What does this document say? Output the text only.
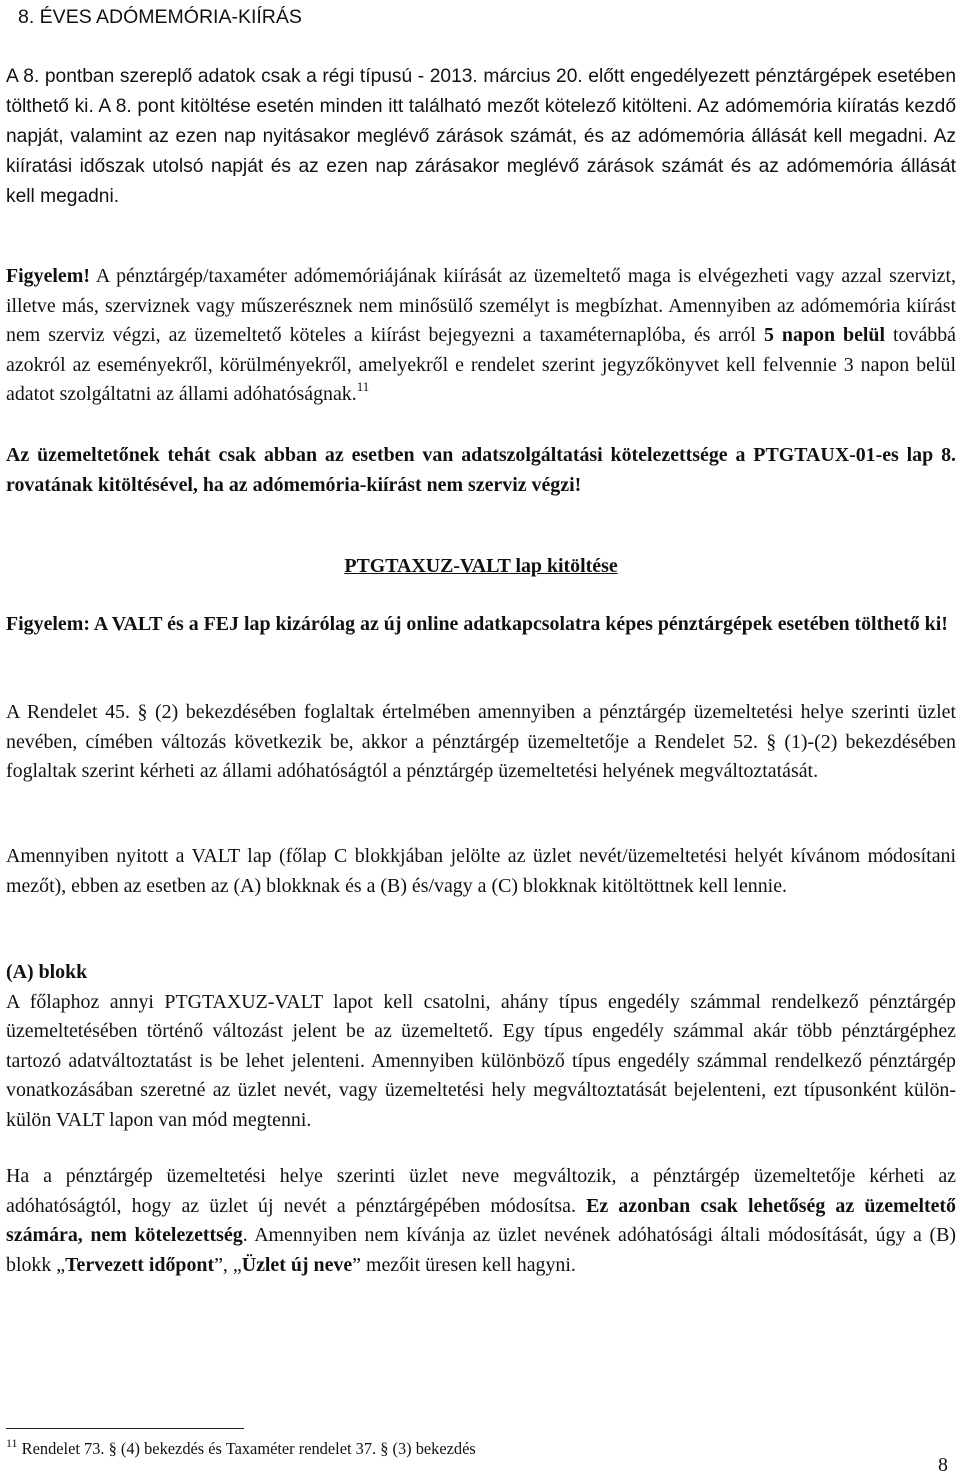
8. ÉVES ADÓMEMÓRIA-KIÍRÁS

A 8. pontban szereplő adatok csak a régi típusú - 2013. március 20. előtt engedélyezett pénztárgépek esetében tölthető ki. A 8. pont kitöltése esetén minden itt található mezőt kötelező kitölteni. Az adómemória kiíratás kezdő napját, valamint az ezen nap nyitásakor meglévő zárások számát, és az adómemória állását kell megadni. Az kiíratási időszak utolsó napját és az ezen nap zárásakor meglévő zárások számát és az adómemória állását kell megadni.

Figyelem! A pénztárgép/taxaméter adómemóriájának kiírását az üzemeltető maga is elvégezheti vagy azzal szervizt, illetve más, szerviznek vagy műszerésznek nem minősülő személyt is megbízhat. Amennyiben az adómemória kiírást nem szerviz végzi, az üzemeltető köteles a kiírást bejegyezni a taxaméternaplóba, és arról 5 napon belül továbbá azokról az eseményekről, körülményekről, amelyekről e rendelet szerint jegyzőkönyvet kell felvennie 3 napon belül adatot szolgáltatni az állami adóhatóságnak.$^{11}$

Az üzemeltetőnek tehát csak abban az esetben van adatszolgáltatási kötelezettsége a PTGTAUX-01-es lap 8. rovatának kitöltésével, ha az adómemória-kiírást nem szerviz végzi!

PTGTAXUZ-VALT lap kitöltése

Figyelem: A VALT és a FEJ lap kizárólag az új online adatkapcsolatra képes pénztárgépek esetében tölthető ki!

A Rendelet 45. § (2) bekezdésében foglaltak értelmében amennyiben a pénztárgép üzemeltetési helye szerinti üzlet nevében, címében változás következik be, akkor a pénztárgép üzemeltetője a Rendelet 52. § (1)-(2) bekezdésében foglaltak szerint kérheti az állami adóhatóságtól a pénztárgép üzemeltetési helyének megváltoztatását.

Amennyiben nyitott a VALT lap (főlap C blokkjában jelölte az üzlet nevét/üzemeltetési helyét kívánom módosítani mezőt), ebben az esetben az (A) blokknak és a (B) és/vagy a (C) blokknak kitöltöttnek kell lennie.

(A) blokk

A főlaphoz annyi PTGTAXUZ-VALT lapot kell csatolni, ahány típus engedély számmal rendelkező pénztárgép üzemeltetésében történő változást jelent be az üzemeltető. Egy típus engedély számmal akár több pénztárgéphez tartozó adatváltoztatást is be lehet jelenteni. Amennyiben különböző típus engedély számmal rendelkező pénztárgép vonatkozásában szeretné az üzlet nevét, vagy üzemeltetési hely megváltoztatását bejelenteni, ezt típusonként külön-külön VALT lapon van mód megtenni.

Ha a pénztárgép üzemeltetési helye szerinti üzlet neve megváltozik, a pénztárgép üzemeltetője kérheti az adóhatóságtól, hogy az üzlet új nevét a pénztárgépében módosítsa. Ez azonban csak lehetőség az üzemeltető számára, nem kötelezettség. Amennyiben nem kívánja az üzlet nevének adóhatósági általi módosítását, úgy a (B) blokk „Tervezett időpont”, „Üzlet új neve” mezőit üresen kell hagyni.

$^{11}$ Rendelet 73. § (4) bekezdés és Taxaméter rendelet 37. § (3) bekezdés
8
